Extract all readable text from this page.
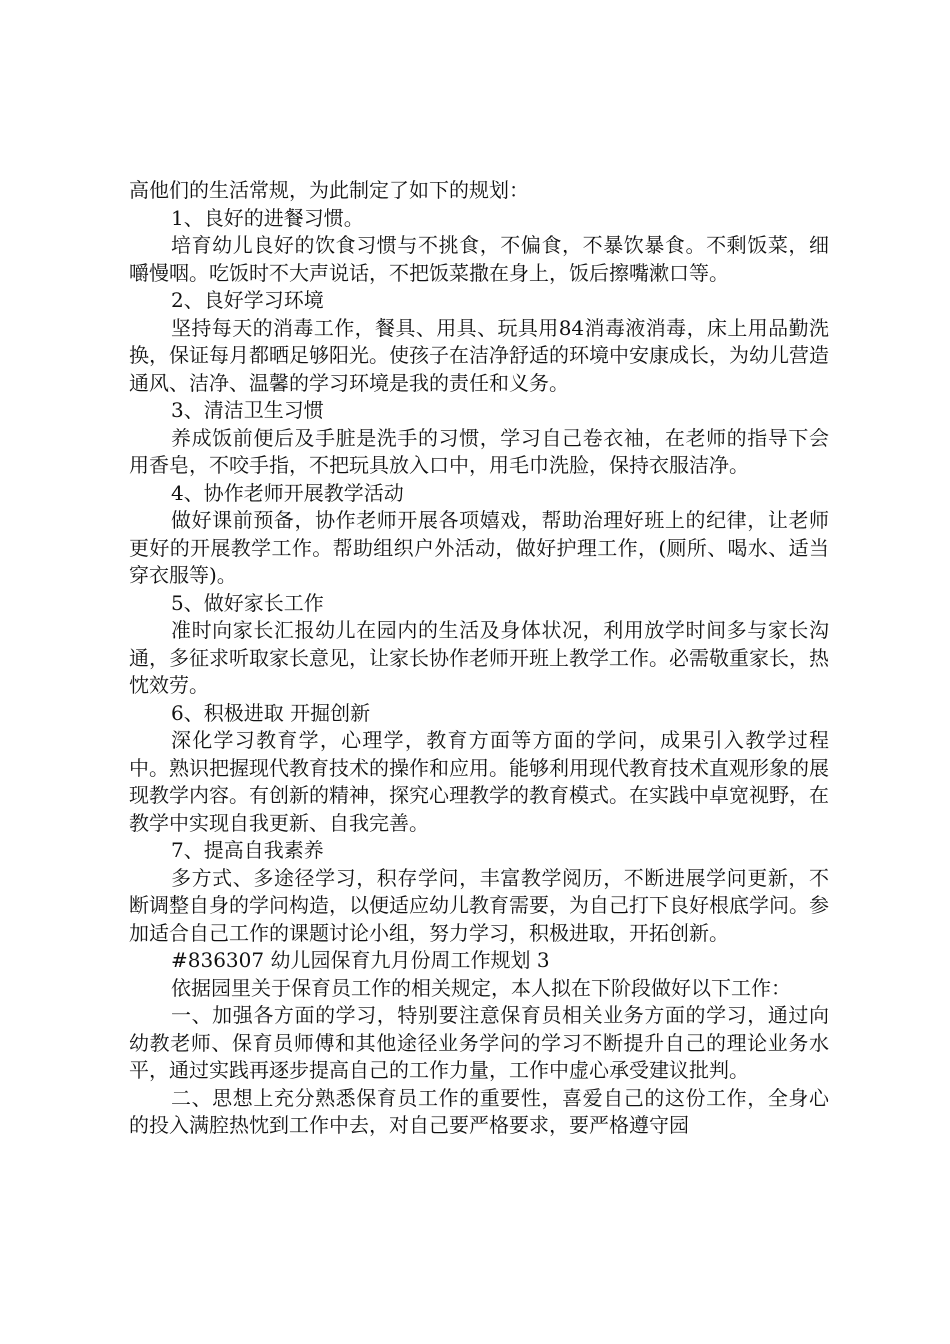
高他们的生活常规，为此制定了如下的规划：

1、良好的进餐习惯。

培育幼儿良好的饮食习惯与不挑食，不偏食，不暴饮暴食。不剩饭菜，细嚼慢咽。吃饭时不大声说话，不把饭菜撒在身上，饭后擦嘴漱口等。

2、良好学习环境

坚持每天的消毒工作，餐具、用具、玩具用84消毒液消毒，床上用品勤洗换，保证每月都晒足够阳光。使孩子在洁净舒适的环境中安康成长，为幼儿营造通风、洁净、温馨的学习环境是我的责任和义务。

3、清洁卫生习惯

养成饭前便后及手脏是洗手的习惯，学习自己卷衣袖，在老师的指导下会用香皂，不咬手指，不把玩具放入口中，用毛巾洗脸，保持衣服洁净。

4、协作老师开展教学活动

做好课前预备，协作老师开展各项嬉戏，帮助治理好班上的纪律，让老师更好的开展教学工作。帮助组织户外活动，做好护理工作，(厕所、喝水、适当穿衣服等)。

5、做好家长工作

准时向家长汇报幼儿在园内的生活及身体状况，利用放学时间多与家长沟通，多征求听取家长意见，让家长协作老师开班上教学工作。必需敬重家长，热忱效劳。

6、积极进取 开掘创新

深化学习教育学，心理学，教育方面等方面的学问，成果引入教学过程中。熟识把握现代教育技术的操作和应用。能够利用现代教育技术直观形象的展现教学内容。有创新的精神，探究心理教学的教育模式。在实践中卓宽视野，在教学中实现自我更新、自我完善。

7、提高自我素养

多方式、多途径学习，积存学问，丰富教学阅历，不断进展学问更新，不断调整自身的学问构造，以便适应幼儿教育需要，为自己打下良好根底学问。参加适合自己工作的课题讨论小组，努力学习，积极进取，开拓创新。

#836307 幼儿园保育九月份周工作规划 3

依据园里关于保育员工作的相关规定，本人拟在下阶段做好以下工作：

一、加强各方面的学习，特别要注意保育员相关业务方面的学习，通过向幼教老师、保育员师傅和其他途径业务学问的学习不断提升自己的理论业务水平，通过实践再逐步提高自己的工作力量，工作中虚心承受建议批判。

二、思想上充分熟悉保育员工作的重要性，喜爱自己的这份工作，全身心的投入满腔热忱到工作中去，对自己要严格要求，要严格遵守园
